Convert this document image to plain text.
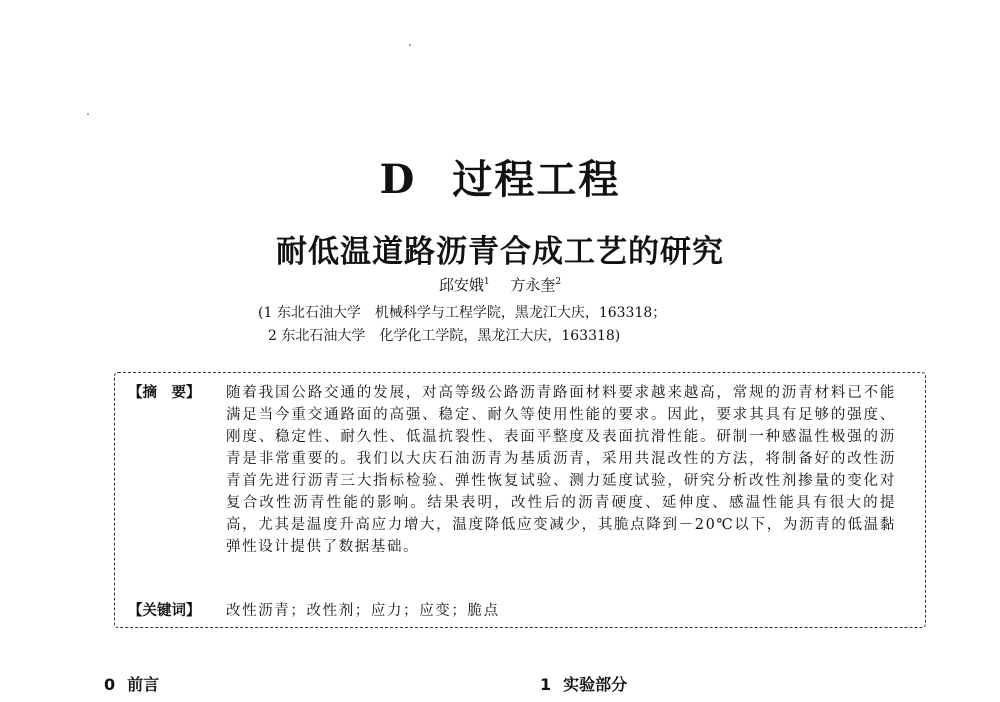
D 过程工程
耐低温道路沥青合成工艺的研究
邱安娥$^1$ 方永奎$^2$
(1 东北石油大学　机械科学与工程学院，黑龙江大庆，163318；
2 东北石油大学　化学化工学院，黑龙江大庆，163318)
【摘　要】	随着我国公路交通的发展，对高等级公路沥青路面材料要求越来越高，常规的沥青材料已不能满足当今重交通路面的高强、稳定、耐久等使用性能的要求。因此，要求其具有足够的强度、刚度、稳定性、耐久性、低温抗裂性、表面平整度及表面抗滑性能。研制一种感温性极强的沥青是非常重要的。我们以大庆石油沥青为基质沥青，采用共混改性的方法，将制备好的改性沥青首先进行沥青三大指标检验、弹性恢复试验、测力延度试验，研究分析改性剂掺量的变化对复合改性沥青性能的影响。结果表明，改性后的沥青硬度、延伸度、感温性能具有很大的提高，尤其是温度升高应力增大，温度降低应变减少，其脆点降到－20℃以下，为沥青的低温黏弹性设计提供了数据基础。
【关键词】	改性沥青；改性剂；应力；应变；脆点
0 前言	1 实验部分
